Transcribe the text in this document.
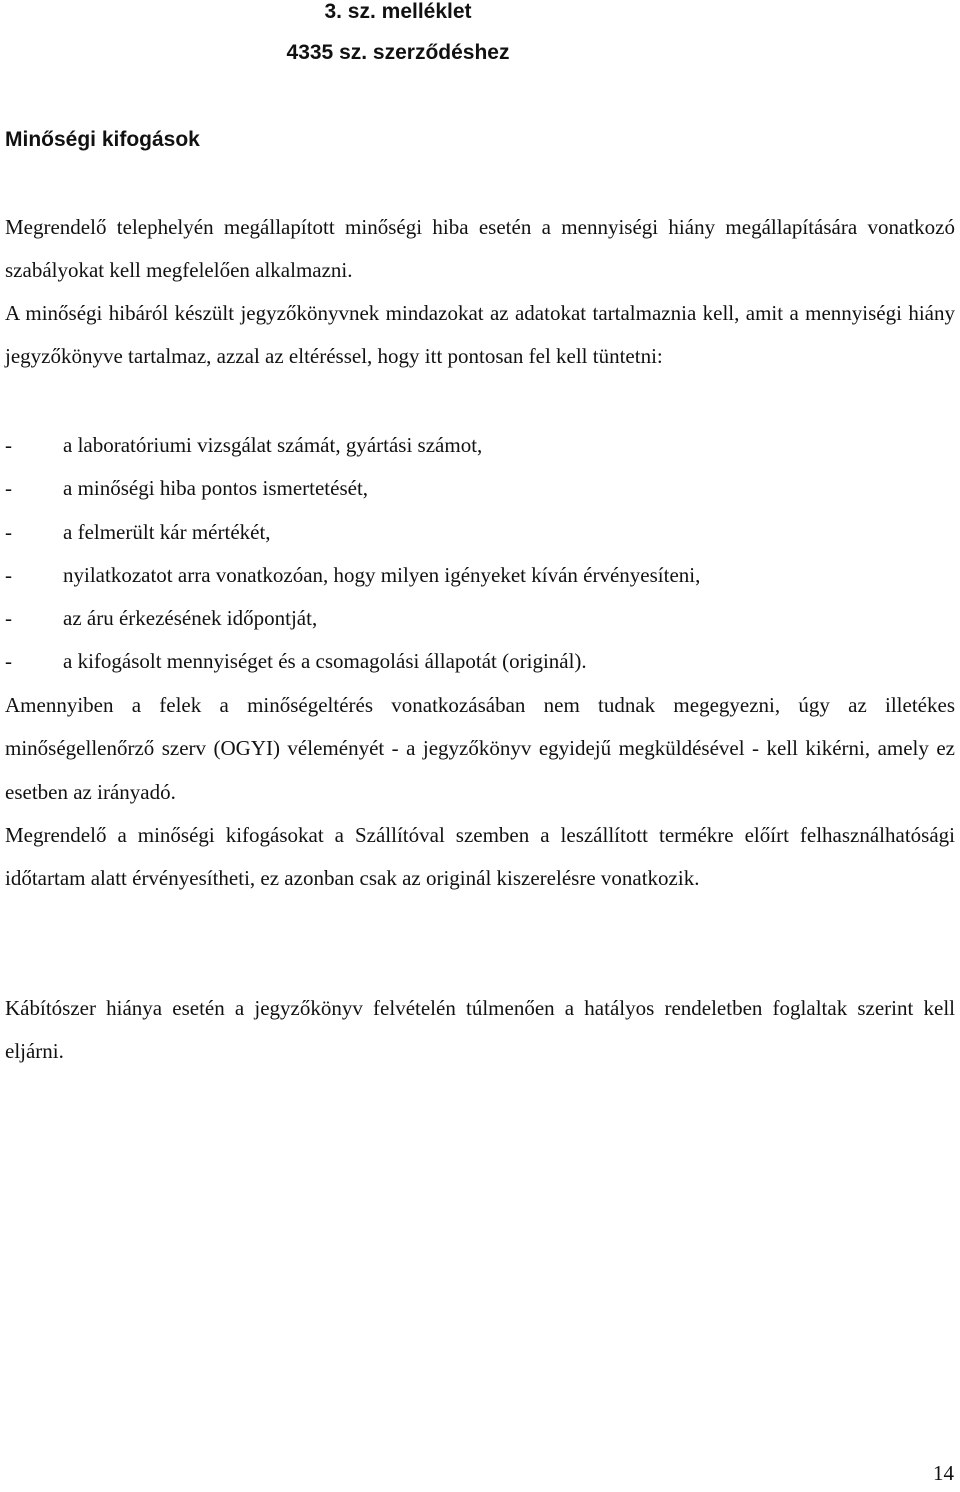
3. sz. melléklet
4335 sz. szerződéshez
Minőségi kifogások

Megrendelő telephelyén megállapított minőségi hiba esetén a mennyiségi hiány megállapítására vonatkozó szabályokat kell megfelelően alkalmazni.

A minőségi hibáról készült jegyzőkönyvnek mindazokat az adatokat tartalmaznia kell, amit a mennyiségi hiány jegyzőkönyve tartalmaz, azzal az eltéréssel, hogy itt pontosan fel kell tüntetni:

- a laboratóriumi vizsgálat számát, gyártási számot,
- a minőségi hiba pontos ismertetését,
- a felmerült kár mértékét,
- nyilatkozatot arra vonatkozóan, hogy milyen igényeket kíván érvényesíteni,
- az áru érkezésének időpontját,
- a kifogásolt mennyiséget és a csomagolási állapotát (originál).

Amennyiben a felek a minőségeltérés vonatkozásában nem tudnak megegyezni, úgy az illetékes minőségellenőrző szerv (OGYI) véleményét - a jegyzőkönyv egyidejű megküldésével - kell kikérni, amely ez esetben az irányadó.

Megrendelő a minőségi kifogásokat a Szállítóval szemben a leszállított termékre előírt felhasználhatósági időtartam alatt érvényesítheti, ez azonban csak az originál kiszerelésre vonatkozik.

Kábítószer hiánya esetén a jegyzőkönyv felvételén túlmenően a hatályos rendeletben foglaltak szerint kell eljárni.

14
